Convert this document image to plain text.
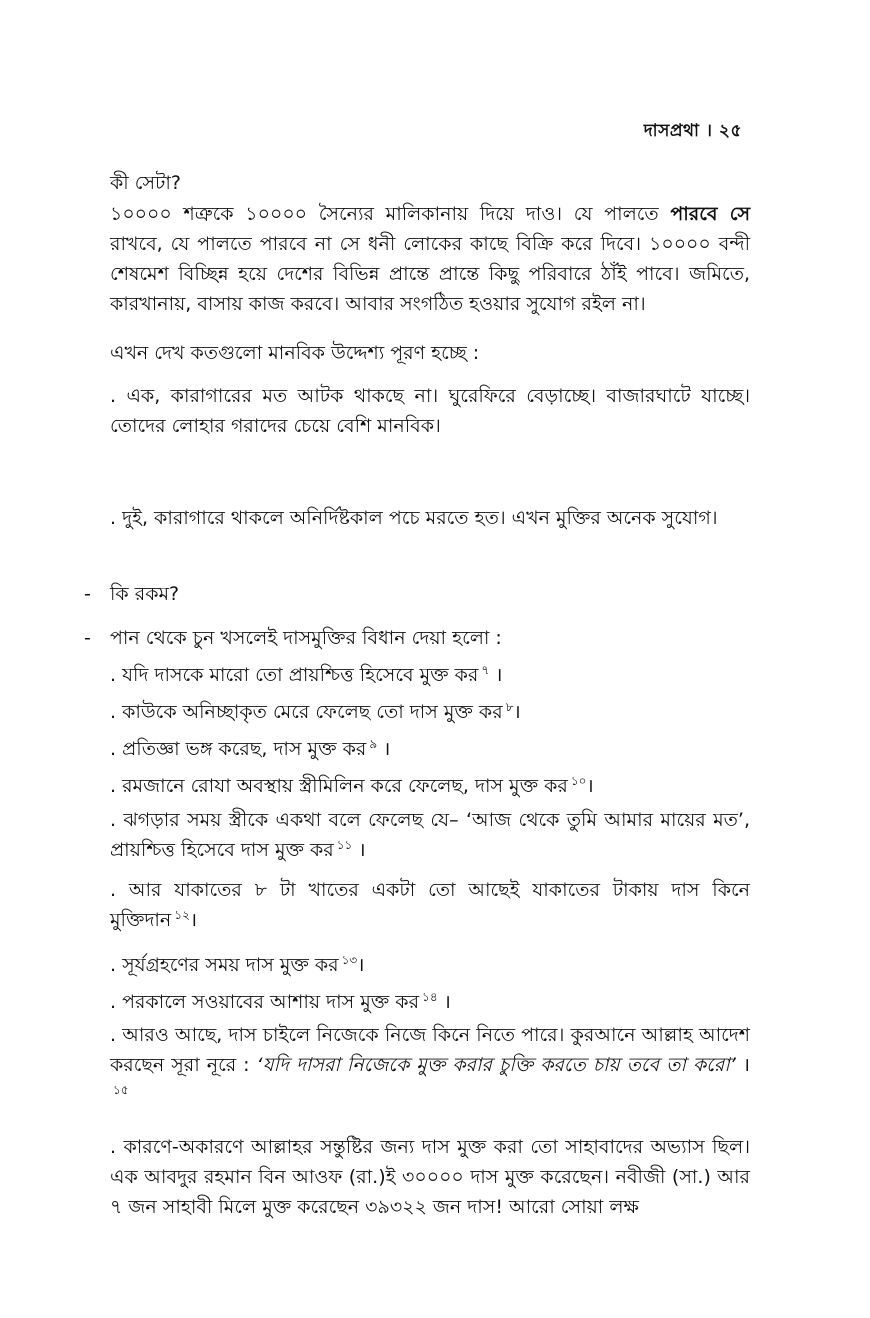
দাসপ্রথা । ২৫
কী সেটা?
১০০০০ শত্রুকে ১০০০০ সৈন্যের মালিকানায় দিয়ে দাও। যে পালতে পারবে সে রাখবে, যে পালতে পারবে না সে ধনী লোকের কাছে বিক্রি করে দিবে। ১০০০০ বন্দী শেষমেশ বিচ্ছিন্ন হয়ে দেশের বিভিন্ন প্রান্তে প্রান্তে কিছু পরিবারে ঠাঁই পাবে। জমিতে, কারখানায়, বাসায় কাজ করবে। আবার সংগঠিত হওয়ার সুযোগ রইল না।
এখন দেখ কতগুলো মানবিক উদ্দেশ্য পূরণ হচ্ছে :
. এক, কারাগারের মত আটক থাকছে না। ঘুরেফিরে বেড়াচ্ছে। বাজারঘাটে যাচ্ছে। তোদের লোহার গরাদের চেয়ে বেশি মানবিক।
. দুই, কারাগারে থাকলে অনির্দিষ্টকাল পচে মরতে হত। এখন মুক্তির অনেক সুযোগ।
- কি রকম?
- পান থেকে চুন খসলেই দাসমুক্তির বিধান দেয়া হলো :
. যদি দাসকে মারো তো প্রায়শ্চিত্ত হিসেবে মুক্ত কর $^৭$ ।
. কাউকে অনিচ্ছাকৃত মেরে ফেলেছ তো দাস মুক্ত কর $^৮$।
. প্রতিজ্ঞা ভঙ্গ করেছ, দাস মুক্ত কর $^৯$ ।
. রমজানে রোযা অবস্থায় স্ত্রীমিলিন করে ফেলেছ, দাস মুক্ত কর $^{১০}$।
. ঝগড়ার সময় স্ত্রীকে একথা বলে ফেলেছ যে– ‘আজ থেকে তুমি আমার মায়ের মত’, প্রায়শ্চিত্ত হিসেবে দাস মুক্ত কর $^{১১}$ ।
. আর যাকাতের ৮ টা খাতের একটা তো আছেই যাকাতের টাকায় দাস কিনে মুক্তিদান $^{১২}$।
. সূর্যগ্রহণের সময় দাস মুক্ত কর $^{১৩}$।
. পরকালে সওয়াবের আশায় দাস মুক্ত কর $^{১৪}$ ।
. আরও আছে, দাস চাইলে নিজেকে নিজে কিনে নিতে পারে। কুরআনে আল্লাহ আদেশ করছেন সূরা নূরে : ‘যদি দাসরা নিজেকে মুক্ত করার চুক্তি করতে চায় তবে তা করো’ ।$^{১৫}$
. কারণে-অকারণে আল্লাহর সন্তুষ্টির জন্য দাস মুক্ত করা তো সাহাবাদের অভ্যাস ছিল। এক আবদুর রহমান বিন আওফ (রা.)ই ৩০০০০ দাস মুক্ত করেছেন। নবীজী (সা.) আর ৭ জন সাহাবী মিলে মুক্ত করেছেন ৩৯৩২২ জন দাস! আরো সোয়া লক্ষ
